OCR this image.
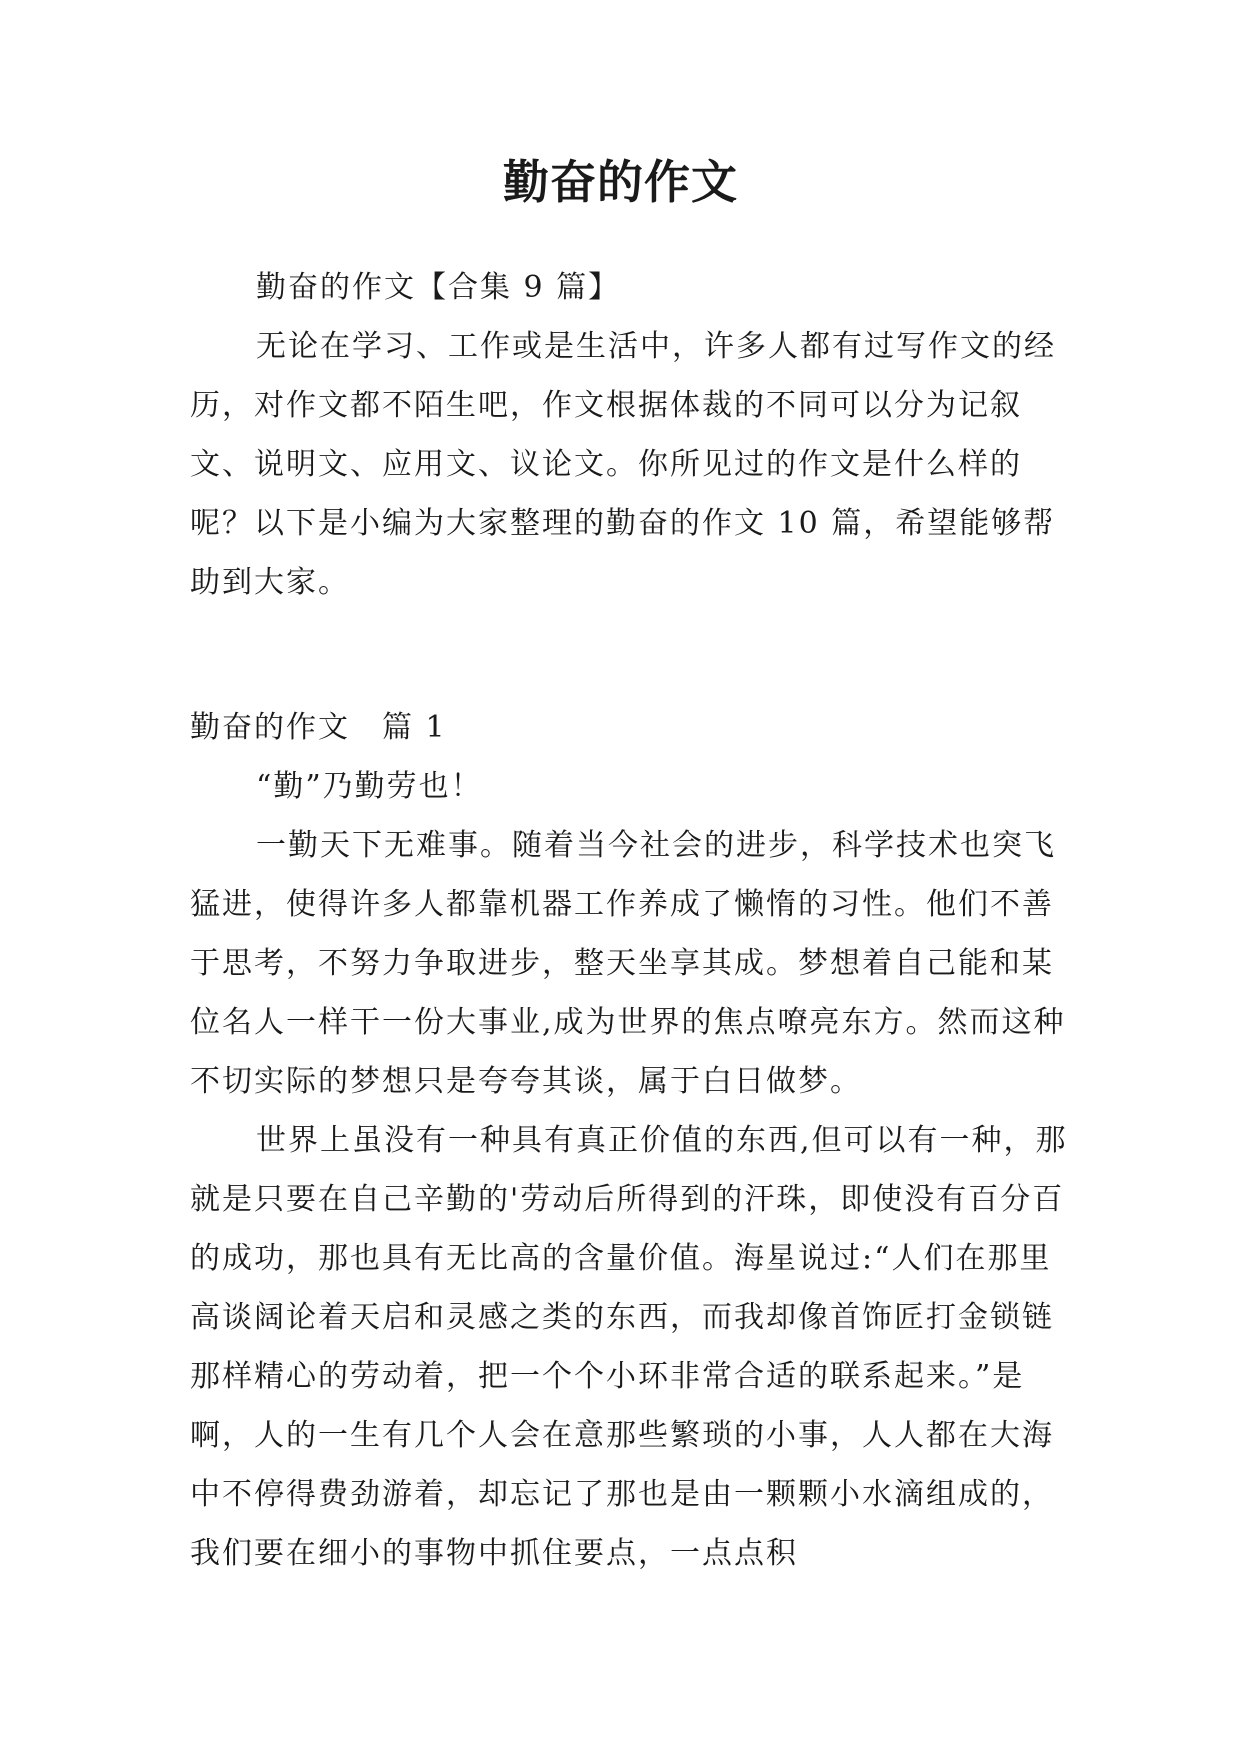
勤奋的作文

勤奋的作文【合集 9 篇】

无论在学习、工作或是生活中，许多人都有过写作文的经历，对作文都不陌生吧，作文根据体裁的不同可以分为记叙文、说明文、应用文、议论文。你所见过的作文是什么样的呢？以下是小编为大家整理的勤奋的作文 10 篇，希望能够帮助到大家。

勤奋的作文　篇 1

“勤”乃勤劳也！

一勤天下无难事。随着当今社会的进步，科学技术也突飞猛进，使得许多人都靠机器工作养成了懒惰的习性。他们不善于思考，不努力争取进步，整天坐享其成。梦想着自己能和某位名人一样干一份大事业,成为世界的焦点嘹亮东方。然而这种不切实际的梦想只是夸夸其谈，属于白日做梦。

世界上虽没有一种具有真正价值的东西,但可以有一种，那就是只要在自己辛勤的'劳动后所得到的汗珠，即使没有百分百的成功，那也具有无比高的含量价值。海星说过:“人们在那里高谈阔论着天启和灵感之类的东西，而我却像首饰匠打金锁链那样精心的劳动着，把一个个小环非常合适的联系起来。”是啊，人的一生有几个人会在意那些繁琐的小事，人人都在大海中不停得费劲游着，却忘记了那也是由一颗颗小水滴组成的，我们要在细小的事物中抓住要点，一点点积
